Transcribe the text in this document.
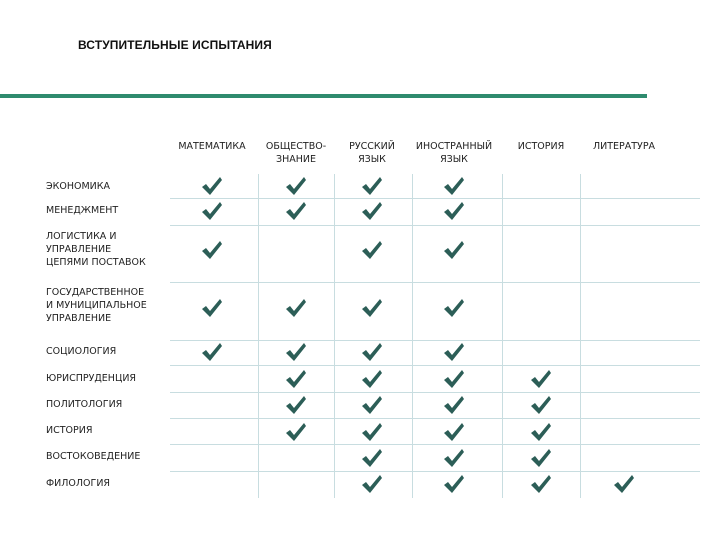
ВСТУПИТЕЛЬНЫЕ ИСПЫТАНИЯ
МАТЕМАТИКА	ОБЩЕСТВО-
ЗНАНИЕ
РУССКИЙ
ЯЗЫК
ИНОСТРАННЫЙ
ЯЗЫК
ИСТОРИЯ	ЛИТЕРАТУРА
ЭКОНОМИКА
МЕНЕДЖМЕНТ
ЛОГИСТИКА И
УПРАВЛЕНИЕ
ЦЕПЯМИ ПОСТАВОК
ГОСУДАРСТВЕННОЕ
И МУНИЦИПАЛЬНОЕ
УПРАВЛЕНИЕ
СОЦИОЛОГИЯ
ЮРИСПРУДЕНЦИЯ
ПОЛИТОЛОГИЯ
ИСТОРИЯ
ВОСТОКОВЕДЕНИЕ
ФИЛОЛОГИЯ
